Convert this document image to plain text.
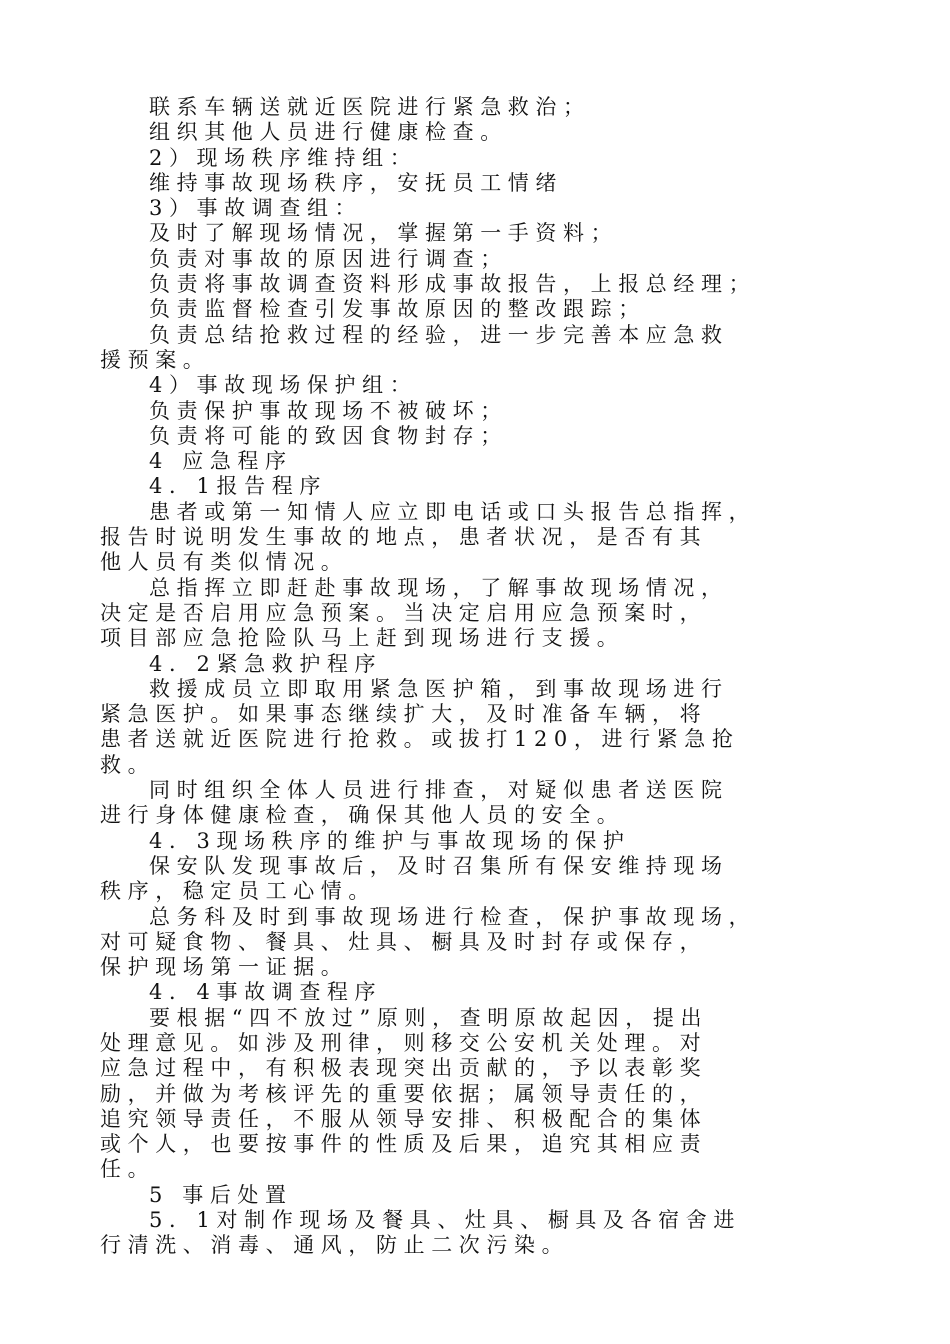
联系车辆送就近医院进行紧急救治；
组织其他人员进行健康检查。
2）现场秩序维持组：
维持事故现场秩序，安抚员工情绪
3）事故调查组：
及时了解现场情况，掌握第一手资料；
负责对事故的原因进行调查；
负责将事故调查资料形成事故报告，上报总经理；
负责监督检查引发事故原因的整改跟踪；
负责总结抢救过程的经验，进一步完善本应急救
援预案。
4）事故现场保护组：
负责保护事故现场不被破坏；
负责将可能的致因食物封存；
4 应急程序
4．1报告程序
患者或第一知情人应立即电话或口头报告总指挥，
报告时说明发生事故的地点，患者状况，是否有其
他人员有类似情况。
总指挥立即赶赴事故现场，了解事故现场情况，
决定是否启用应急预案。当决定启用应急预案时，
项目部应急抢险队马上赶到现场进行支援。
4．2紧急救护程序
救援成员立即取用紧急医护箱，到事故现场进行
紧急医护。如果事态继续扩大，及时准备车辆，将
患者送就近医院进行抢救。或拔打120，进行紧急抢
救。
同时组织全体人员进行排查，对疑似患者送医院
进行身体健康检查，确保其他人员的安全。
4．3现场秩序的维护与事故现场的保护
保安队发现事故后，及时召集所有保安维持现场
秩序，稳定员工心情。
总务科及时到事故现场进行检查，保护事故现场，
对可疑食物、餐具、灶具、橱具及时封存或保存，
保护现场第一证据。
4．4事故调查程序
要根据“四不放过”原则，查明原故起因，提出
处理意见。如涉及刑律，则移交公安机关处理。对
应急过程中，有积极表现突出贡献的，予以表彰奖
励，并做为考核评先的重要依据；属领导责任的，
追究领导责任，不服从领导安排、积极配合的集体
或个人，也要按事件的性质及后果，追究其相应责
任。
5 事后处置
5．1对制作现场及餐具、灶具、橱具及各宿舍进
行清洗、消毒、通风，防止二次污染。
